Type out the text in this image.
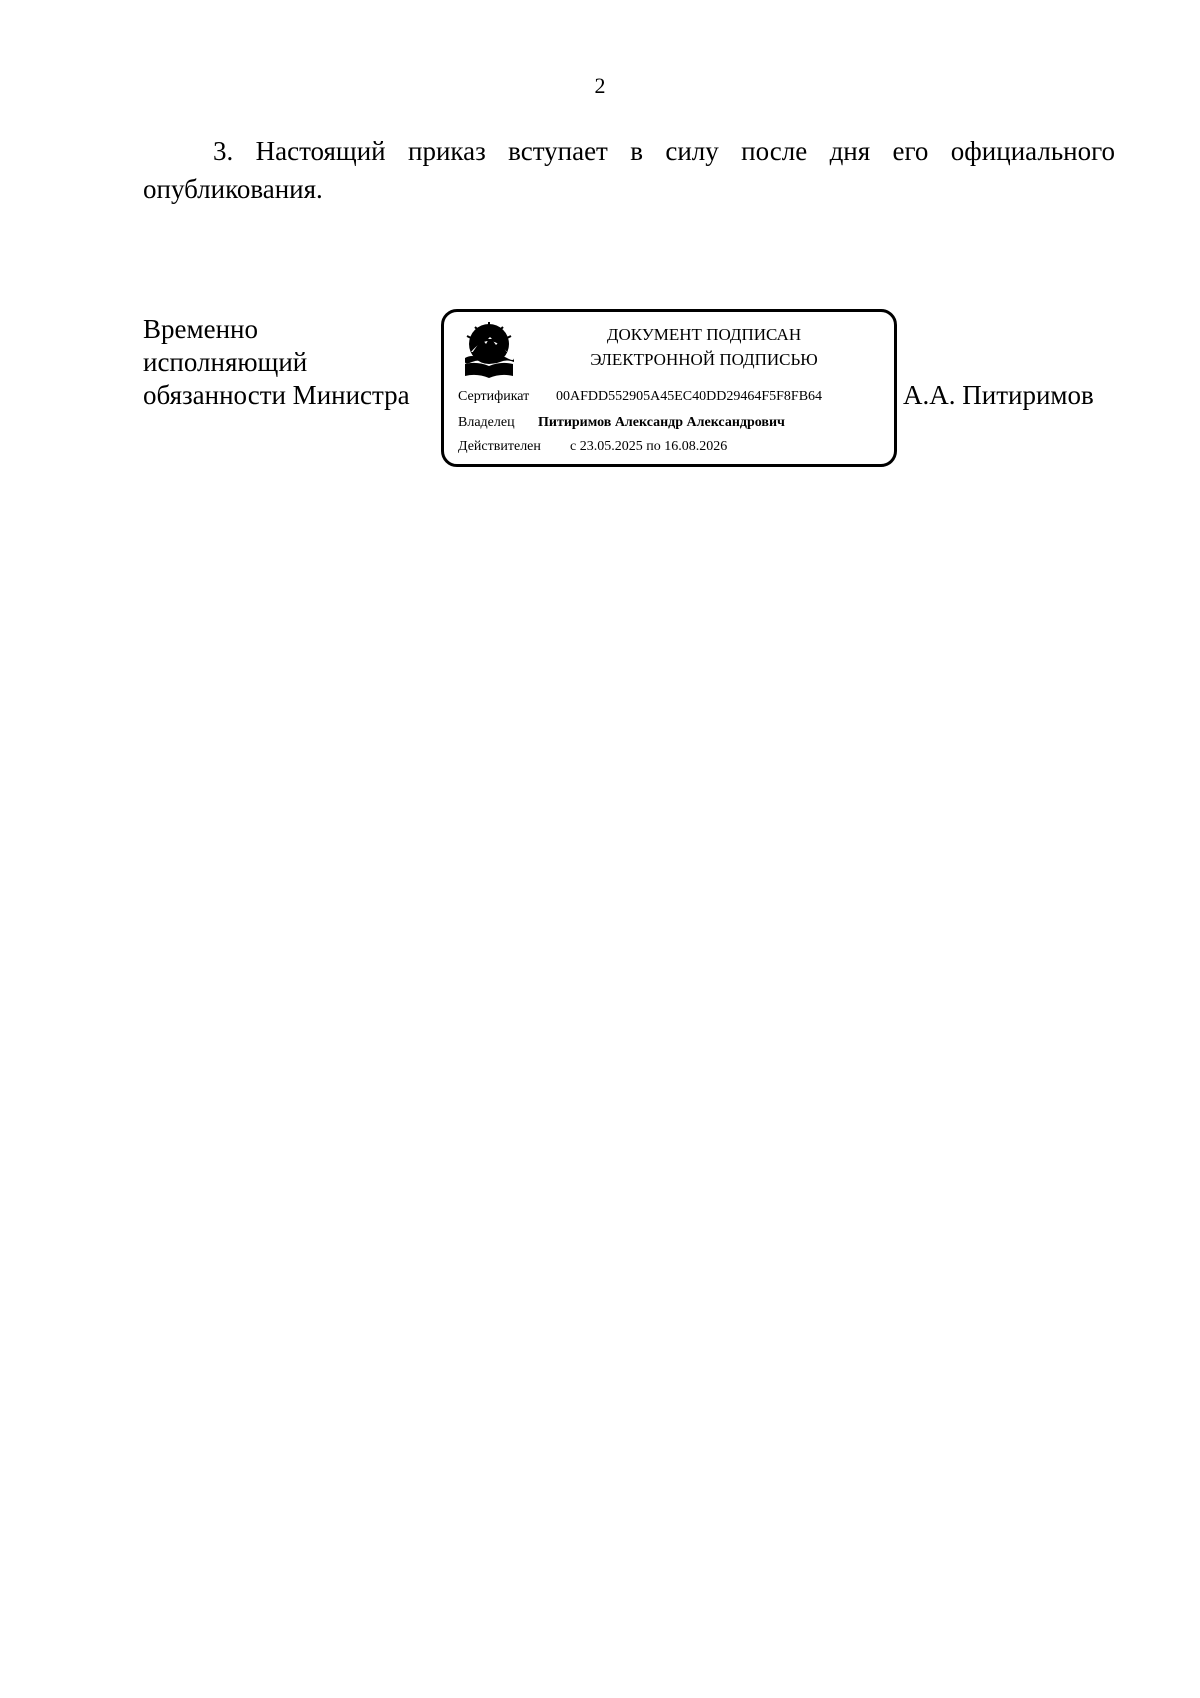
2

3. Настоящий приказ вступает в силу после дня его официального опубликования.

Временно
исполняющий
обязанности Министра
ДОКУМЕНТ ПОДПИСАН
ЭЛЕКТРОННОЙ ПОДПИСЬЮ
Сертификат 00AFDD552905A45EC40DD29464F5F8FB64
Владелец Питиримов Александр Александрович
Действителен с 23.05.2025 по 16.08.2026
А.А. Питиримов
